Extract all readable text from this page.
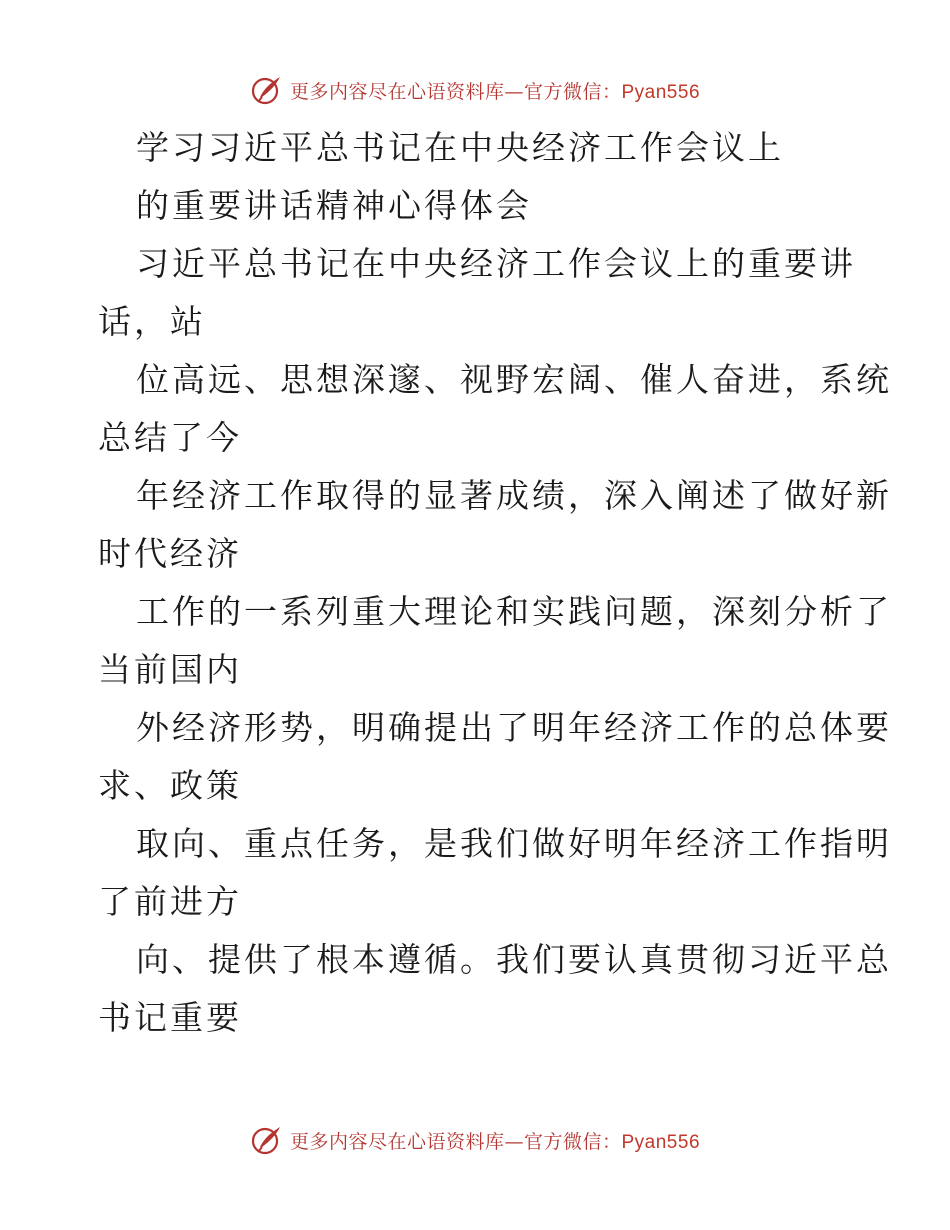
更多内容尽在心语资料库—官方微信：Pyan556
学习习近平总书记在中央经济工作会议上
的重要讲话精神心得体会
习近平总书记在中央经济工作会议上的重要讲
话，站
位高远、思想深邃、视野宏阔、催人奋进，系统
总结了今
年经济工作取得的显著成绩，深入阐述了做好新
时代经济
工作的一系列重大理论和实践问题，深刻分析了
当前国内
外经济形势，明确提出了明年经济工作的总体要
求、政策
取向、重点任务，是我们做好明年经济工作指明
了前进方
向、提供了根本遵循。我们要认真贯彻习近平总
书记重要
更多内容尽在心语资料库—官方微信：Pyan556
